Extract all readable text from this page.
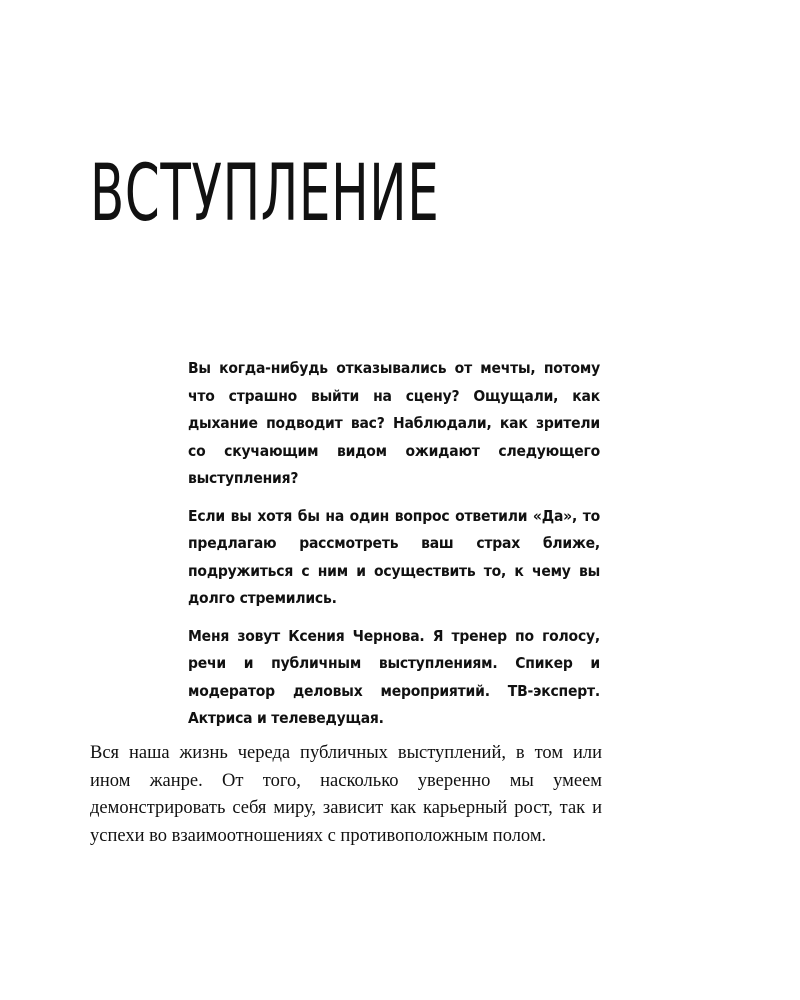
ВСТУПЛЕНИЕ

Вы когда-нибудь отказывались от мечты, потому что страшно выйти на сцену? Ощущали, как дыхание подводит вас? Наблюдали, как зрители со скучающим видом ожидают следующего выступления?

Если вы хотя бы на один вопрос ответили «Да», то предлагаю рассмотреть ваш страх ближе, подружиться с ним и осуществить то, к чему вы долго стремились.

Меня зовут Ксения Чернова. Я тренер по голосу, речи и публичным выступлениям. Спикер и модератор деловых мероприятий. ТВ-эксперт. Актриса и телеведущая.

Вся наша жизнь череда публичных выступлений, в том или ином жанре. От того, насколько уверенно мы умеем демонстрировать себя миру, зависит как карьерный рост, так и успехи во взаимоотношениях с противоположным полом.
